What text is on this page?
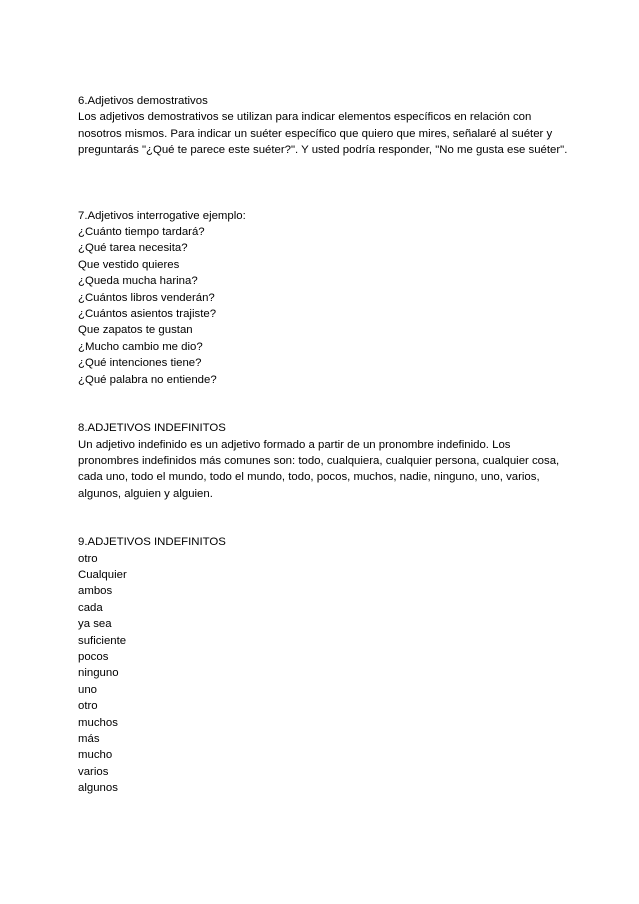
6.Adjetivos demostrativos

Los adjetivos demostrativos se utilizan para indicar elementos específicos en relación con nosotros mismos. Para indicar un suéter específico que quiero que mires, señalaré al suéter y preguntarás "¿Qué te parece este suéter?". Y usted podría responder, "No me gusta ese suéter".

7.Adjetivos interrogative ejemplo:

¿Cuánto tiempo tardará?
¿Qué tarea necesita?
Que vestido quieres
¿Queda mucha harina?
¿Cuántos libros venderán?
¿Cuántos asientos trajiste?
Que zapatos te gustan
¿Mucho cambio me dio?
¿Qué intenciones tiene?
¿Qué palabra no entiende?

8.ADJETIVOS INDEFINITOS

Un adjetivo indefinido es un adjetivo formado a partir de un pronombre indefinido. Los pronombres indefinidos más comunes son: todo, cualquiera, cualquier persona, cualquier cosa, cada uno, todo el mundo, todo el mundo, todo, pocos, muchos, nadie, ninguno, uno, varios, algunos, alguien y alguien.

9.ADJETIVOS INDEFINITOS

otro
Cualquier
ambos
cada
ya sea
suficiente
pocos
ninguno
uno
otro
muchos
más
mucho
varios
algunos
